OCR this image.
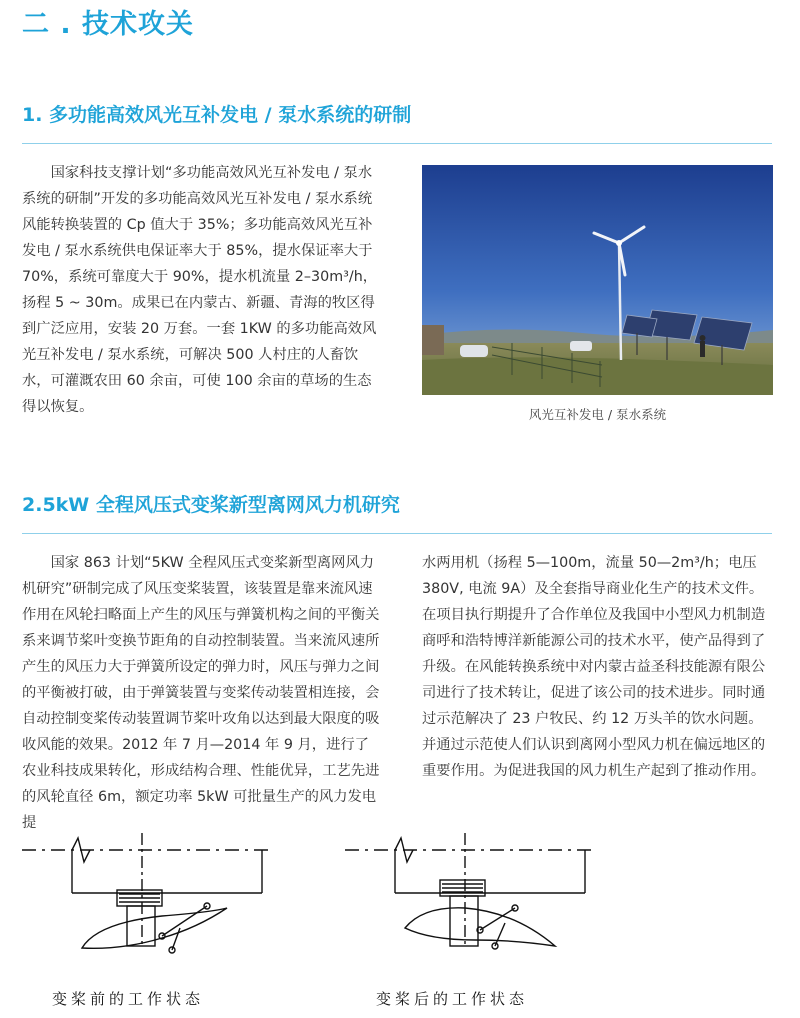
二 . 技术攻关
1. 多功能高效风光互补发电 / 泵水系统的研制

国家科技支撑计划“多功能高效风光互补发电 / 泵水系统的研制”开发的多功能高效风光互补发电 / 泵水系统风能转换装置的 Cp 值大于 35%；多功能高效风光互补发电 / 泵水系统供电保证率大于 85%，提水保证率大于 70%，系统可靠度大于 90%，提水机流量 2–30m³/h，扬程 5 ~ 30m。成果已在内蒙古、新疆、青海的牧区得到广泛应用，安装 20 万套。一套 1KW 的多功能高效风光互补发电 / 泵水系统，可解决 500 人村庄的人畜饮水，可灌溉农田 60 余亩，可使 100 余亩的草场的生态得以恢复。	风光互补发电 / 泵水系统
2.5kW 全程风压式变桨新型离网风力机研究

国家 863 计划“5KW 全程风压式变桨新型离网风力机研究”研制完成了风压变桨装置，该装置是靠来流风速作用在风轮扫略面上产生的风压与弹簧机构之间的平衡关系来调节桨叶变换节距角的自动控制装置。当来流风速所产生的风压力大于弹簧所设定的弹力时，风压与弹力之间的平衡被打破，由于弹簧装置与变桨传动装置相连接，会自动控制变桨传动装置调节桨叶攻角以达到最大限度的吸收风能的效果。2012 年 7 月—2014 年 9 月，进行了农业科技成果转化，形成结构合理、性能优异，工艺先进的风轮直径 6m，额定功率 5kW 可批量生产的风力发电提

水两用机（扬程 5—100m，流量 50—2m³/h；电压 380V, 电流 9A）及全套指导商业化生产的技术文件。在项目执行期提升了合作单位及我国中小型风力机制造商呼和浩特博洋新能源公司的技术水平，使产品得到了升级。在风能转换系统中对内蒙古益圣科技能源有限公司进行了技术转让，促进了该公司的技术进步。同时通过示范解决了 23 户牧民、约 12 万头羊的饮水问题。并通过示范使人们认识到离网小型风力机在偏远地区的重要作用。为促进我国的风力机生产起到了推动作用。

变桨前的工作状态	变桨后的工作状态
